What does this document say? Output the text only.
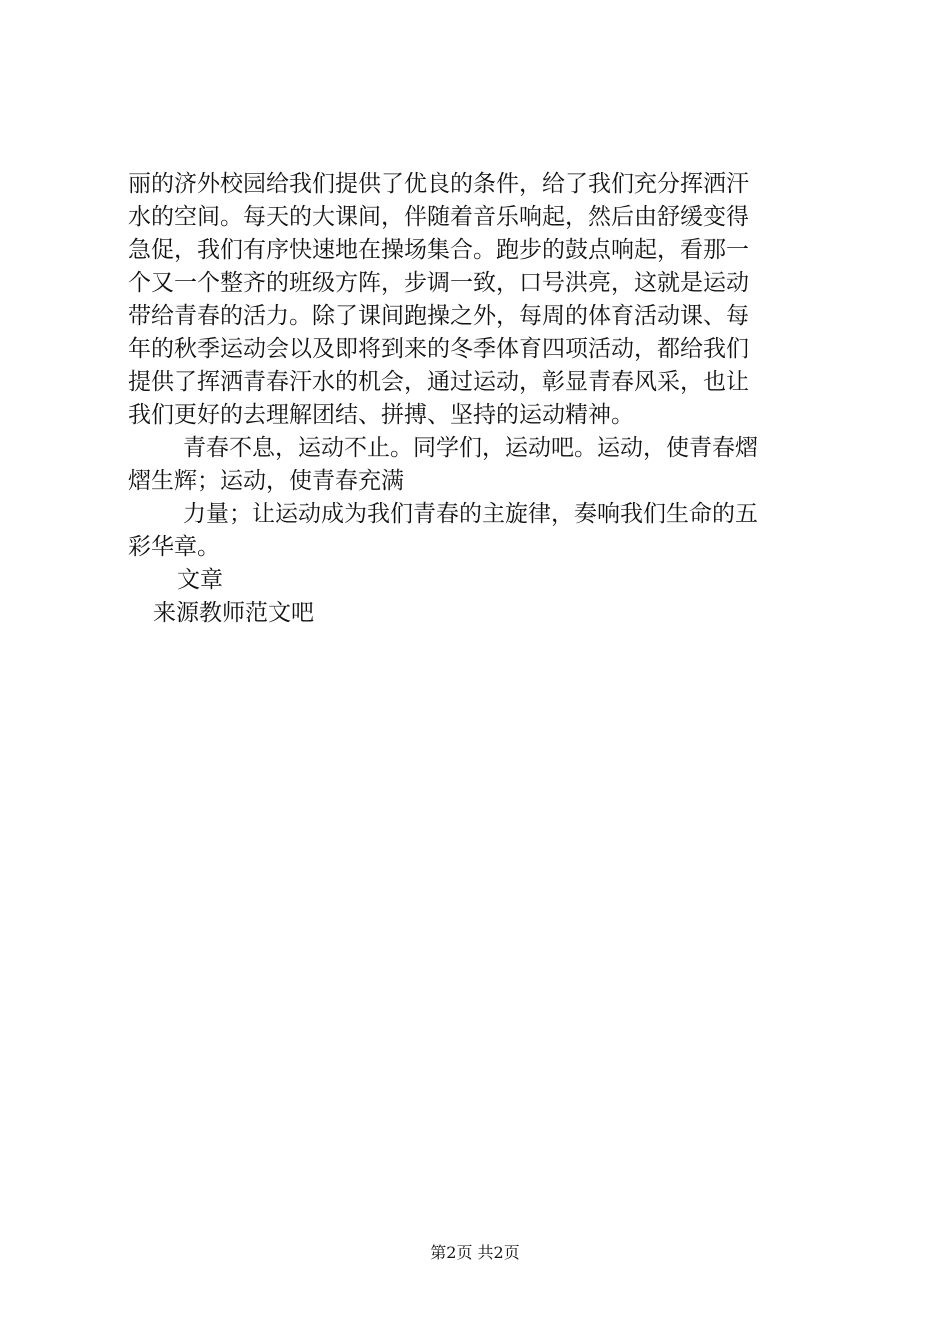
丽的济外校园给我们提供了优良的条件，给了我们充分挥洒汗
水的空间。每天的大课间，伴随着音乐响起，然后由舒缓变得
急促，我们有序快速地在操场集合。跑步的鼓点响起，看那一
个又一个整齐的班级方阵，步调一致，口号洪亮，这就是运动
带给青春的活力。除了课间跑操之外，每周的体育活动课、每
年的秋季运动会以及即将到来的冬季体育四项活动，都给我们
提供了挥洒青春汗水的机会，通过运动，彰显青春风采，也让
我们更好的去理解团结、拼搏、坚持的运动精神。
青春不息，运动不止。同学们，运动吧。运动，使青春熠
熠生辉；运动，使青春充满
力量；让运动成为我们青春的主旋律，奏响我们生命的五
彩华章。
文章
来源教师范文吧
第2页 共2页
